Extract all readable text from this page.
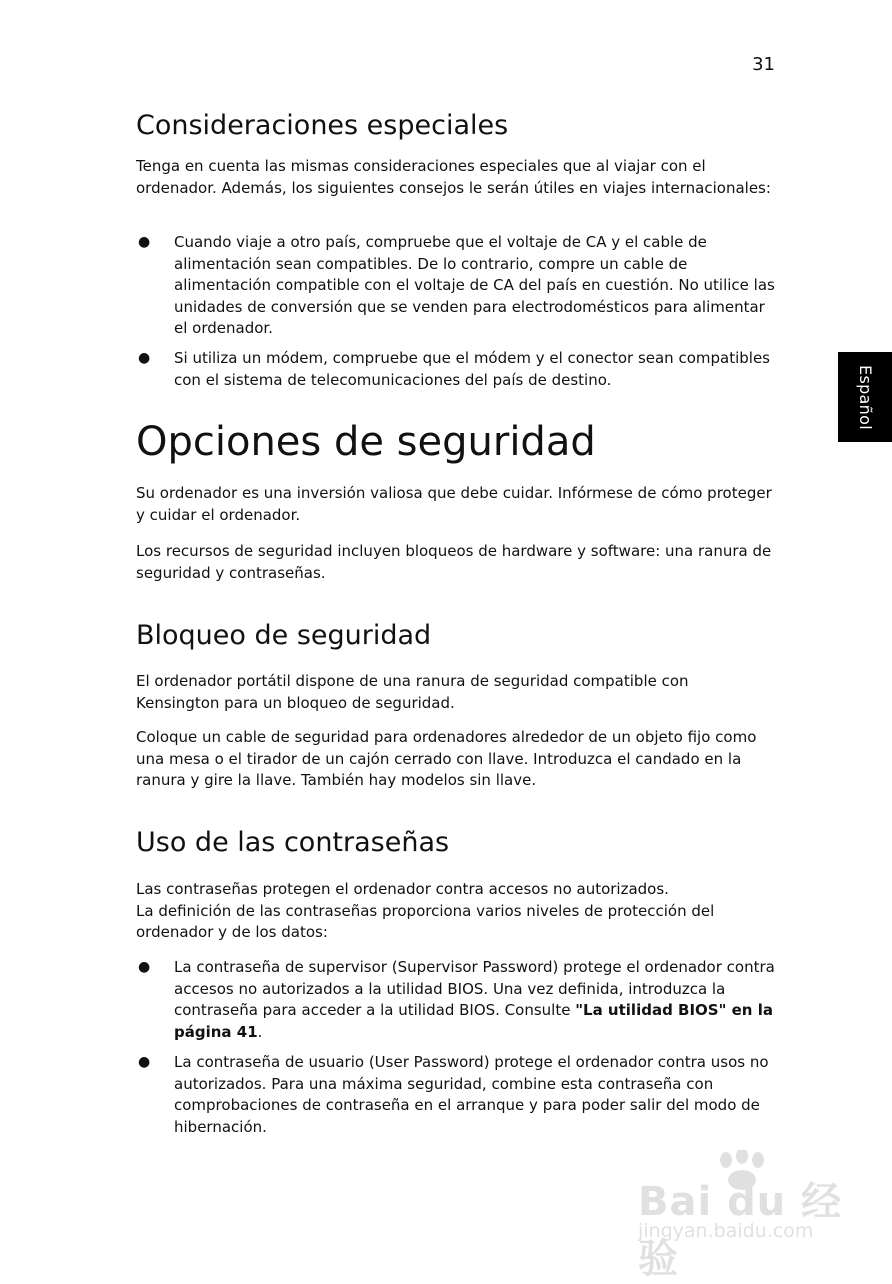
31
Español
Consideraciones especiales

Tenga en cuenta las mismas consideraciones especiales que al viajar con el ordenador. Además, los siguientes consejos le serán útiles en viajes internacionales:

● Cuando viaje a otro país, compruebe que el voltaje de CA y el cable de alimentación sean compatibles. De lo contrario, compre un cable de alimentación compatible con el voltaje de CA del país en cuestión. No utilice las unidades de conversión que se venden para electrodomésticos para alimentar el ordenador.
● Si utiliza un módem, compruebe que el módem y el conector sean compatibles con el sistema de telecomunicaciones del país de destino.
Opciones de seguridad

Su ordenador es una inversión valiosa que debe cuidar. Infórmese de cómo proteger y cuidar el ordenador.

Los recursos de seguridad incluyen bloqueos de hardware y software: una ranura de seguridad y contraseñas.

Bloqueo de seguridad

El ordenador portátil dispone de una ranura de seguridad compatible con Kensington para un bloqueo de seguridad.

Coloque un cable de seguridad para ordenadores alrededor de un objeto fijo como una mesa o el tirador de un cajón cerrado con llave. Introduzca el candado en la ranura y gire la llave. También hay modelos sin llave.

Uso de las contraseñas

Las contraseñas protegen el ordenador contra accesos no autorizados.
La definición de las contraseñas proporciona varios niveles de protección del ordenador y de los datos:

● La contraseña de supervisor (Supervisor Password) protege el ordenador contra accesos no autorizados a la utilidad BIOS. Una vez definida, introduzca la contraseña para acceder a la utilidad BIOS. Consulte "La utilidad BIOS" en la página 41.
● La contraseña de usuario (User Password) protege el ordenador contra usos no autorizados. Para una máxima seguridad, combine esta contraseña con comprobaciones de contraseña en el arranque y para poder salir del modo de hibernación.
Bai du 经验
jingyan.baidu.com
